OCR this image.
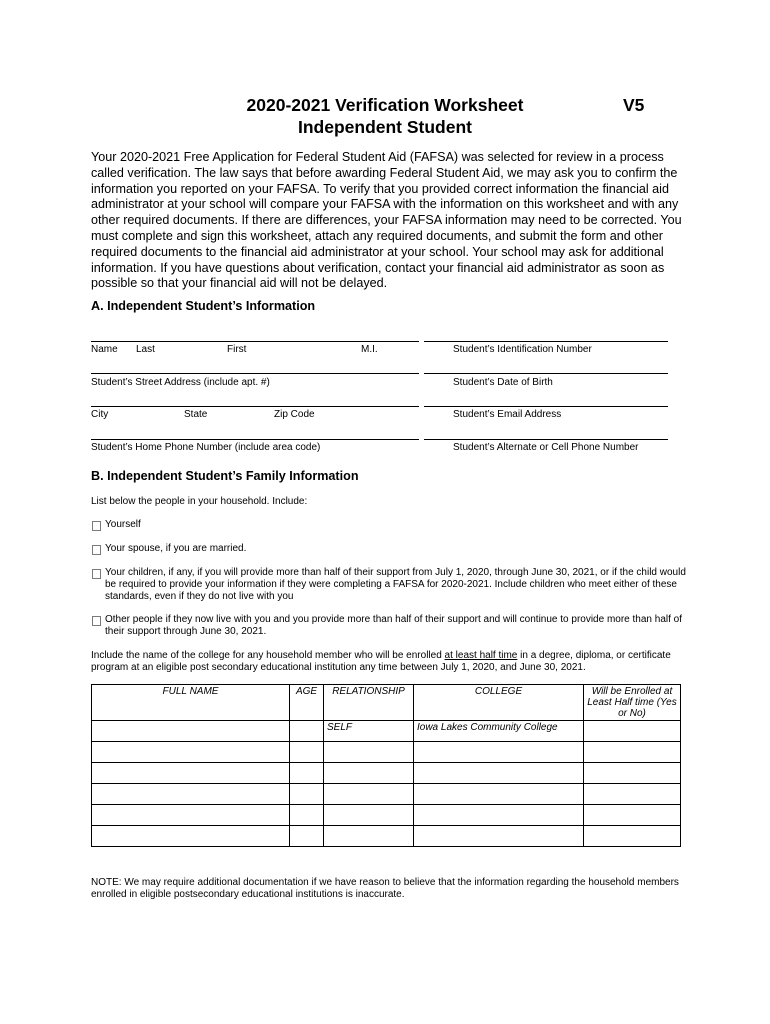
2020-2021 Verification Worksheet
Independent Student
V5

Your 2020-2021 Free Application for Federal Student Aid (FAFSA) was selected for review in a process called verification. The law says that before awarding Federal Student Aid, we may ask you to confirm the information you reported on your FAFSA. To verify that you provided correct information the financial aid administrator at your school will compare your FAFSA with the information on this worksheet and with any other required documents. If there are differences, your FAFSA information may need to be corrected. You must complete and sign this worksheet, attach any required documents, and submit the form and other required documents to the financial aid administrator at your school. Your school may ask for additional information. If you have questions about verification, contact your financial aid administrator as soon as possible so that your financial aid will not be delayed.

A. Independent Student’s Information
Name Last	First	M.I.	Student’s Identification Number
Student’s Street Address (include apt. #)	Student’s Date of Birth
City	State	Zip Code	Student’s Email Address
Student’s Home Phone Number (include area code)	Student’s Alternate or Cell Phone Number
B. Independent Student’s Family Information
List below the people in your household. Include:
Yourself
Your spouse, if you are married.
Your children, if any, if you will provide more than half of their support from July 1, 2020, through June 30, 2021, or if the child would be required to provide your information if they were completing a FAFSA for 2020-2021. Include children who meet either of these standards, even if they do not live with you
Other people if they now live with you and you provide more than half of their support and will continue to provide more than half of their support through June 30, 2021.

Include the name of the college for any household member who will be enrolled at least half time in a degree, diploma, or certificate program at an eligible post secondary educational institution any time between July 1, 2020, and June 30, 2021.

FULL NAME	AGE	RELATIONSHIP	COLLEGE	Will be Enrolled at Least Half time (Yes or No)
		SELF	Iowa Lakes Community College	

NOTE: We may require additional documentation if we have reason to believe that the information regarding the household members enrolled in eligible postsecondary educational institutions is inaccurate.
